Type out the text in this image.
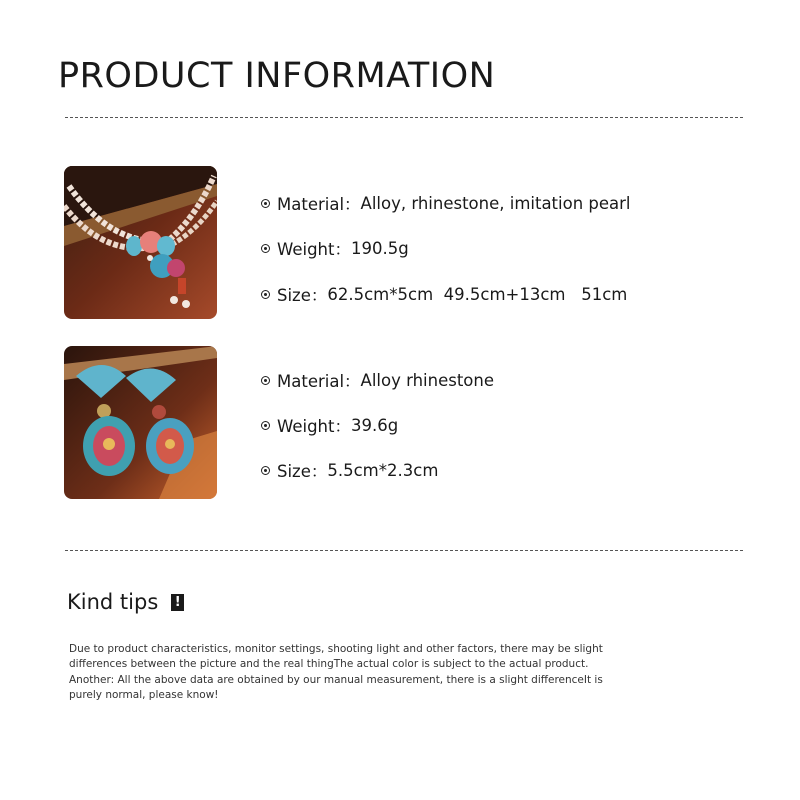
PRODUCT INFORMATION
Material： Alloy, rhinestone, imitation pearl
Weight： 190.5g
Size： 62.5cm*5cm  49.5cm+13cm   51cm
Material： Alloy rhinestone
Weight： 39.6g
Size： 5.5cm*2.3cm
Kind tips !
Due to product characteristics, monitor settings, shooting light and other factors, there may be slight
differences between the picture and the real thingThe actual color is subject to the actual product.
Another: All the above data are obtained by our manual measurement, there is a slight differenceIt is
purely normal, please know!
